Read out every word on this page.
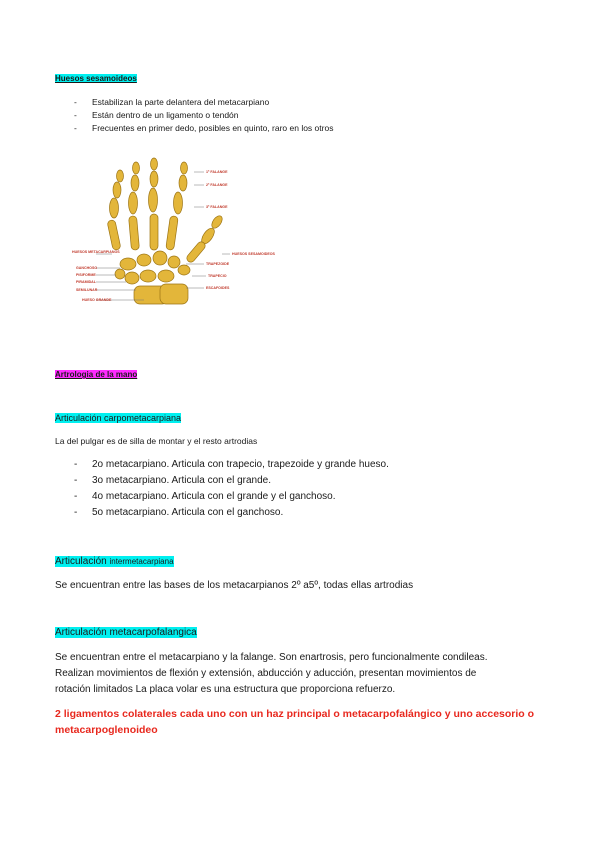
Huesos sesamoideos
- Estabilizan la parte delantera del metacarpiano
- Están dentro de un ligamento o tendón
- Frecuentes en primer dedo, posibles en quinto, raro en los otros
HUESOS METACARPIANOS
GANCHOSO
PISIFORME
PIRAMIDAL
SEMILUNAR
HUESO GRANDE
1ª FALANGE
2ª FALANGE
3ª FALANGE
HUESOS SESAMOIDEOS
TRAPEZOIDE
TRAPECIO
ESCAFOIDES
Artrologia de la mano
Articulación carpometacarpiana
La del pulgar es de silla de montar y el resto artrodias
- 2o metacarpiano. Articula con trapecio, trapezoide y grande hueso.
- 3o metacarpiano. Articula con el grande.
- 4o metacarpiano. Articula con el grande y el ganchoso.
- 5o metacarpiano. Articula con el ganchoso.
Articulación intermetacarpiana
Se encuentran entre las bases de los metacarpianos 2º a5º, todas ellas artrodias
Articulación metacarpofalangica
Se encuentran entre el metacarpiano y la falange. Son enartrosis, pero funcionalmente condileas.
Realizan movimientos de flexión y extensión, abducción y aducción, presentan movimientos de
rotación limitados La placa volar es una estructura que proporciona refuerzo.
2 ligamentos colaterales cada uno con un haz principal o metacarpofalángico y uno accesorio o
metacarpoglenoideo
